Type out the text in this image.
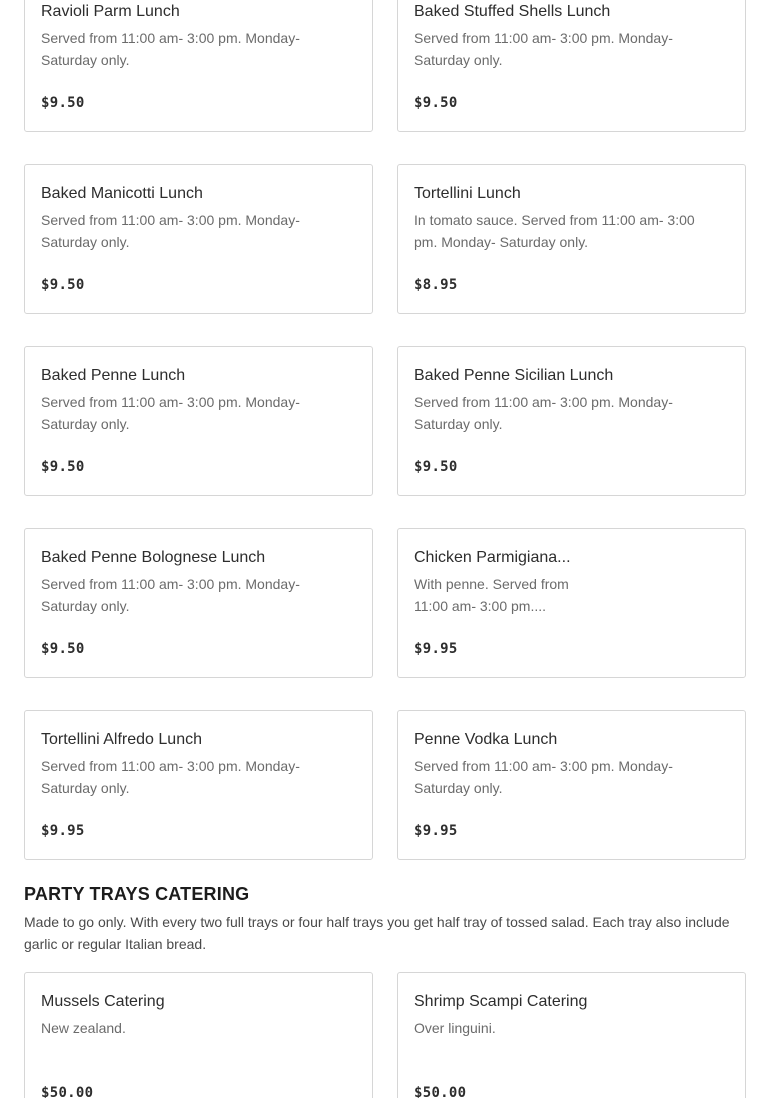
Ravioli Parm Lunch
Served from 11:00 am- 3:00 pm. Monday- Saturday only.
$9.50
Baked Stuffed Shells Lunch
Served from 11:00 am- 3:00 pm. Monday- Saturday only.
$9.50
Baked Manicotti Lunch
Served from 11:00 am- 3:00 pm. Monday- Saturday only.
$9.50
Tortellini Lunch
In tomato sauce. Served from 11:00 am- 3:00 pm. Monday- Saturday only.
$8.95
Baked Penne Lunch
Served from 11:00 am- 3:00 pm. Monday- Saturday only.
$9.50
Baked Penne Sicilian Lunch
Served from 11:00 am- 3:00 pm. Monday- Saturday only.
$9.50
Baked Penne Bolognese Lunch
Served from 11:00 am- 3:00 pm. Monday- Saturday only.
$9.50
Chicken Parmigiana...
With penne. Served from 11:00 am- 3:00 pm....
$9.95
Tortellini Alfredo Lunch
Served from 11:00 am- 3:00 pm. Monday- Saturday only.
$9.95
Penne Vodka Lunch
Served from 11:00 am- 3:00 pm. Monday- Saturday only.
$9.95
PARTY TRAYS CATERING
Made to go only. With every two full trays or four half trays you get half tray of tossed salad. Each tray also include garlic or regular Italian bread.
Mussels Catering
New zealand.
$50.00
Shrimp Scampi Catering
Over linguini.
$50.00
